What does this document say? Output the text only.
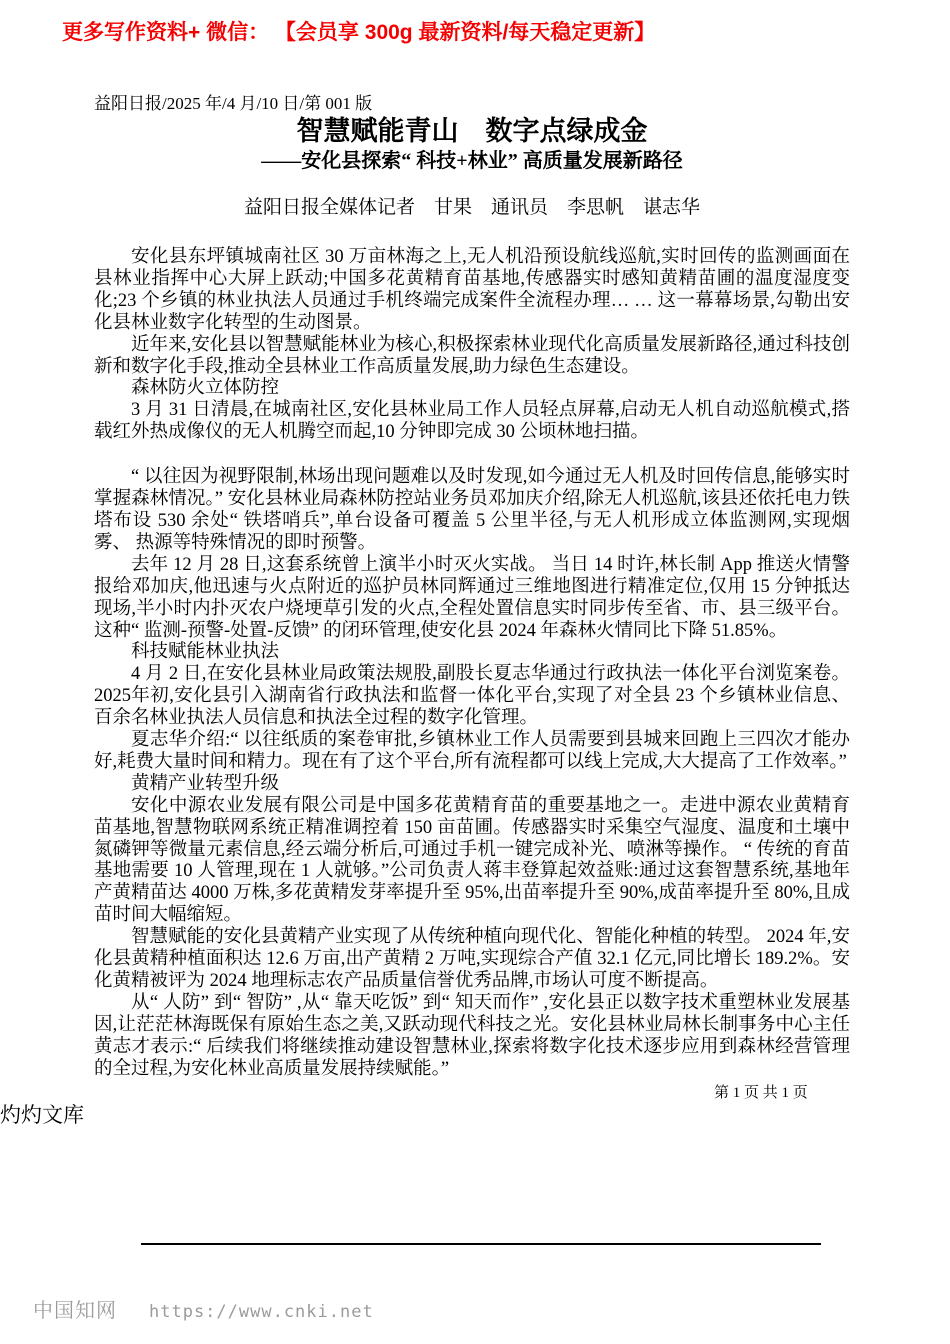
更多写作资料+ 微信： 【会员享 300g 最新资料/每天稳定更新】

益阳日报/2025 年/4 月/10 日/第 001 版

智慧赋能青山　数字点绿成金
——安化县探索“ 科技+林业” 高质量发展新路径

益阳日报全媒体记者　甘果　通讯员　李思帆　谌志华

安化县东坪镇城南社区 30 万亩林海之上,无人机沿预设航线巡航,实时回传的监测画面在县林业指挥中心大屏上跃动;中国多花黄精育苗基地,传感器实时感知黄精苗圃的温度湿度变化;23 个乡镇的林业执法人员通过手机终端完成案件全流程办理… … 这一幕幕场景,勾勒出安化县林业数字化转型的生动图景。

近年来,安化县以智慧赋能林业为核心,积极探索林业现代化高质量发展新路径,通过科技创新和数字化手段,推动全县林业工作高质量发展,助力绿色生态建设。

森林防火立体防控

3 月 31 日清晨,在城南社区,安化县林业局工作人员轻点屏幕,启动无人机自动巡航模式,搭载红外热成像仪的无人机腾空而起,10 分钟即完成 30 公顷林地扫描。

“ 以往因为视野限制,林场出现问题难以及时发现,如今通过无人机及时回传信息,能够实时掌握森林情况。” 安化县林业局森林防控站业务员邓加庆介绍,除无人机巡航,该县还依托电力铁塔布设 530 余处“ 铁塔哨兵”,单台设备可覆盖 5 公里半径,与无人机形成立体监测网,实现烟雾、 热源等特殊情况的即时预警。

去年 12 月 28 日,这套系统曾上演半小时灭火实战。 当日 14 时许,林长制 App 推送火情警报给邓加庆,他迅速与火点附近的巡护员林同辉通过三维地图进行精准定位,仅用 15 分钟抵达现场,半小时内扑灭农户烧埂草引发的火点,全程处置信息实时同步传至省、市、县三级平台。这种“ 监测-预警-处置-反馈” 的闭环管理,使安化县 2024 年森林火情同比下降 51.85%。

科技赋能林业执法

4 月 2 日,在安化县林业局政策法规股,副股长夏志华通过行政执法一体化平台浏览案卷。 2025年初,安化县引入湖南省行政执法和监督一体化平台,实现了对全县 23 个乡镇林业信息、百余名林业执法人员信息和执法全过程的数字化管理。

夏志华介绍:“ 以往纸质的案卷审批,乡镇林业工作人员需要到县城来回跑上三四次才能办好,耗费大量时间和精力。现在有了这个平台,所有流程都可以线上完成,大大提高了工作效率。”

黄精产业转型升级

安化中源农业发展有限公司是中国多花黄精育苗的重要基地之一。走进中源农业黄精育苗基地,智慧物联网系统正精准调控着 150 亩苗圃。传感器实时采集空气湿度、温度和土壤中氮磷钾等微量元素信息,经云端分析后,可通过手机一键完成补光、喷淋等操作。 “ 传统的育苗基地需要 10 人管理,现在 1 人就够。”公司负责人蒋丰登算起效益账:通过这套智慧系统,基地年产黄精苗达 4000 万株,多花黄精发芽率提升至 95%,出苗率提升至 90%,成苗率提升至 80%,且成苗时间大幅缩短。

智慧赋能的安化县黄精产业实现了从传统种植向现代化、智能化种植的转型。 2024 年,安化县黄精种植面积达 12.6 万亩,出产黄精 2 万吨,实现综合产值 32.1 亿元,同比增长 189.2%。安化黄精被评为 2024 地理标志农产品质量信誉优秀品牌,市场认可度不断提高。

从“ 人防” 到“ 智防” ,从“ 靠天吃饭” 到“ 知天而作” ,安化县正以数字技术重塑林业发展基因,让茫茫林海既保有原始生态之美,又跃动现代科技之光。安化县林业局林长制事务中心主任黄志才表示:“ 后续我们将继续推动建设智慧林业,探索将数字化技术逐步应用到森林经营管理的全过程,为安化林业高质量发展持续赋能。”

第 1 页 共 1 页
灼灼文库
中国知网 https://www.cnki.net
